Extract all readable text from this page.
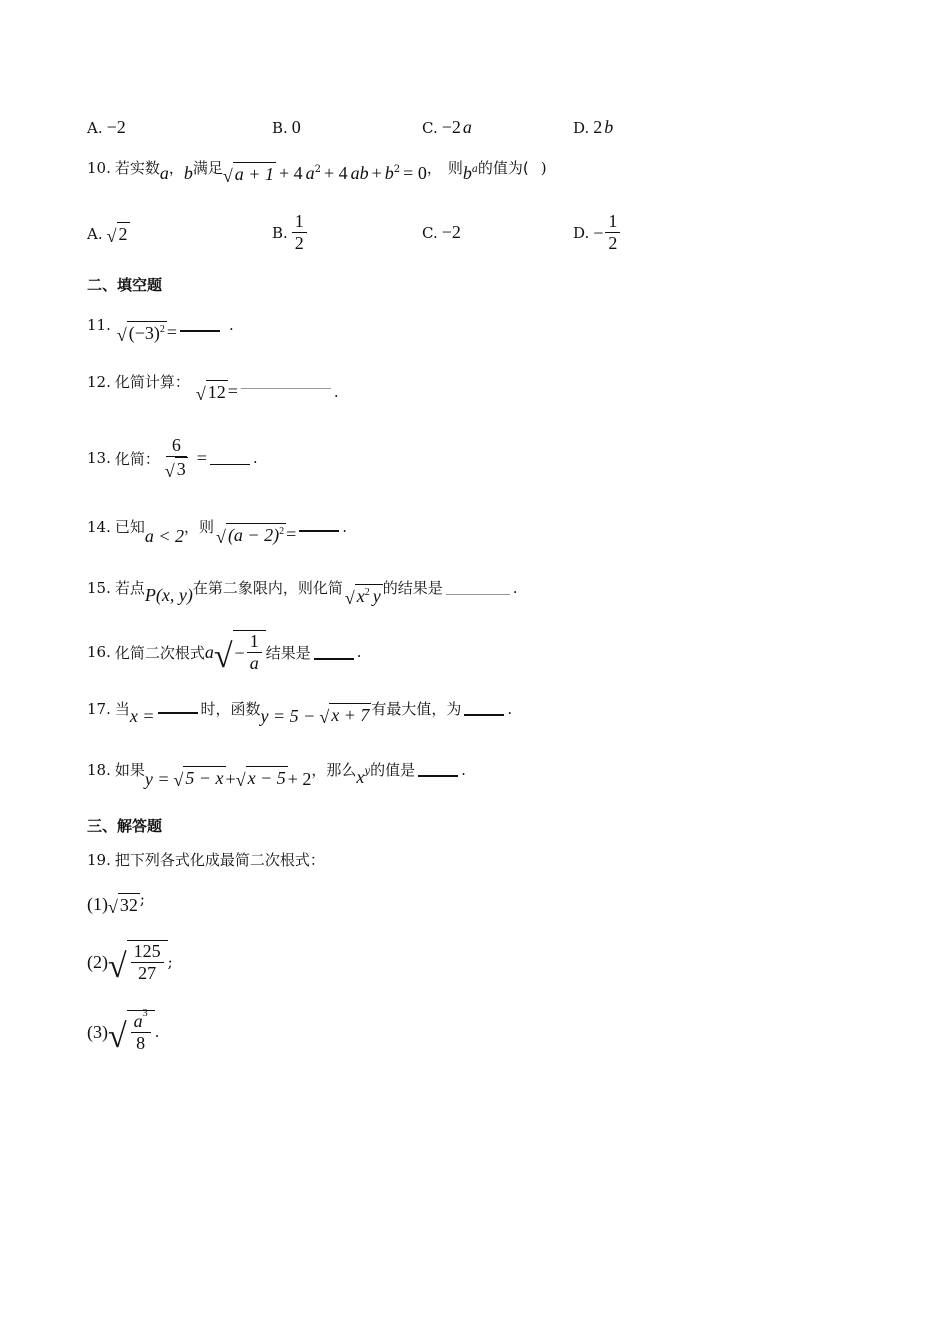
A. −2	B. 0	C. −2 a	D. 2 b
10. 若实数 a ， b 满足 √ a + 1 + 4 $a^2 + 4$ ab + $b^2 = 0$ ， 则 $b^a$ 的值为( )
A. √ 2	B. $\frac{1}{2}$	C. −2	D. − $\frac{1}{2}$
二、填空题
11.
√ $(-3)^2$ =	.
12. 化简计算：
√ 12 =	.
13. 化简： $\frac{6}{√ 3}$ =	.
14. 已知 a < 2 ，则 √ $(a - 2)^2$ =	.
15. 若点 P(x, y) 在第二象限内，则化简 √ $x^2$ y 的结果是	.
16. 化简二次根式 a √ − $\frac{1}{a}$ 结果是	.
17. 当 x =	时，函数 y = 5 − √ x + 7 有最大值，为	.
18. 如果 y = √ 5 − x + √ x − 5 + 2 ，那么 $x^y$ 的值是	.
三、解答题
19. 把下列各式化成最简二次根式：
(1) √ 32 ;
(2) √ $\frac{125}{27}$ ;
(3) √ $\frac{a^3}{8}$ .
